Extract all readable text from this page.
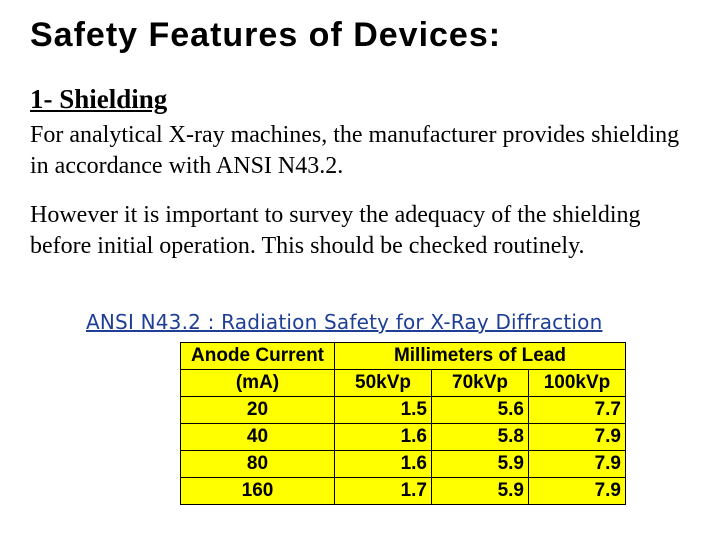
Safety Features of Devices:
1- Shielding
For analytical X-ray machines, the manufacturer provides shielding in accordance with ANSI N43.2.
However it is important to survey the adequacy of the shielding before initial operation. This should be checked routinely.
ANSI N43.2 : Radiation Safety for X-Ray Diffraction
Anode Current	Millimeters of Lead		
(mA)	50kVp	70kVp	100kVp
20	1.5	5.6	7.7
40	1.6	5.8	7.9
80	1.6	5.9	7.9
160	1.7	5.9	7.9
